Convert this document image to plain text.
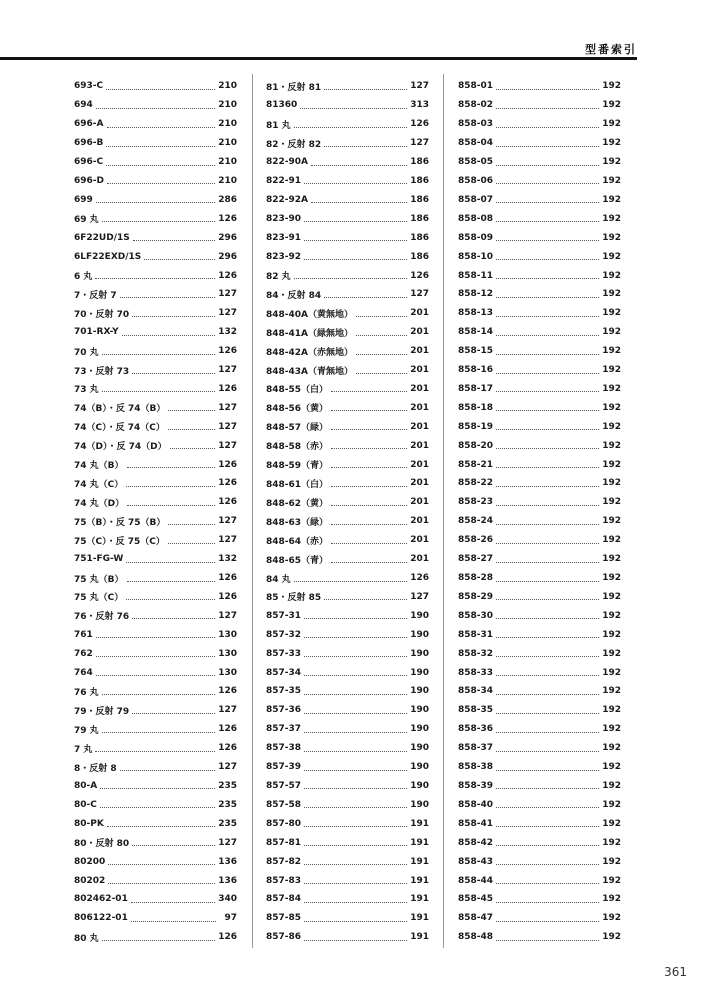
型番索引
693-C	210
694	210
696-A	210
696-B	210
696-C	210
696-D	210
699	286
69 丸	126
6F22UD/1S	296
6LF22EXD/1S	296
6 丸	126
7・反射 7	127
70・反射 70	127
701-RX-Y	132
70 丸	126
73・反射 73	127
73 丸	126
74（B）・反 74（B）	127
74（C）・反 74（C）	127
74（D）・反 74（D）	127
74 丸（B）	126
74 丸（C）	126
74 丸（D）	126
75（B）・反 75（B）	127
75（C）・反 75（C）	127
751-FG-W	132
75 丸（B）	126
75 丸（C）	126
76・反射 76	127
761	130
762	130
764	130
76 丸	126
79・反射 79	127
79 丸	126
7 丸	126
8・反射 8	127
80-A	235
80-C	235
80-PK	235
80・反射 80	127
80200	136
80202	136
802462-01	340
806122-01	97
80 丸	126
81・反射 81	127
81360	313
81 丸	126
82・反射 82	127
822-90A	186
822-91	186
822-92A	186
823-90	186
823-91	186
823-92	186
82 丸	126
84・反射 84	127
848-40A（黄無地）	201
848-41A（緑無地）	201
848-42A（赤無地）	201
848-43A（青無地）	201
848-55（白）	201
848-56（黄）	201
848-57（緑）	201
848-58（赤）	201
848-59（青）	201
848-61（白）	201
848-62（黄）	201
848-63（緑）	201
848-64（赤）	201
848-65（青）	201
84 丸	126
85・反射 85	127
857-31	190
857-32	190
857-33	190
857-34	190
857-35	190
857-36	190
857-37	190
857-38	190
857-39	190
857-57	190
857-58	190
857-80	191
857-81	191
857-82	191
857-83	191
857-84	191
857-85	191
857-86	191
858-01	192
858-02	192
858-03	192
858-04	192
858-05	192
858-06	192
858-07	192
858-08	192
858-09	192
858-10	192
858-11	192
858-12	192
858-13	192
858-14	192
858-15	192
858-16	192
858-17	192
858-18	192
858-19	192
858-20	192
858-21	192
858-22	192
858-23	192
858-24	192
858-26	192
858-27	192
858-28	192
858-29	192
858-30	192
858-31	192
858-32	192
858-33	192
858-34	192
858-35	192
858-36	192
858-37	192
858-38	192
858-39	192
858-40	192
858-41	192
858-42	192
858-43	192
858-44	192
858-45	192
858-47	192
858-48	192
361
